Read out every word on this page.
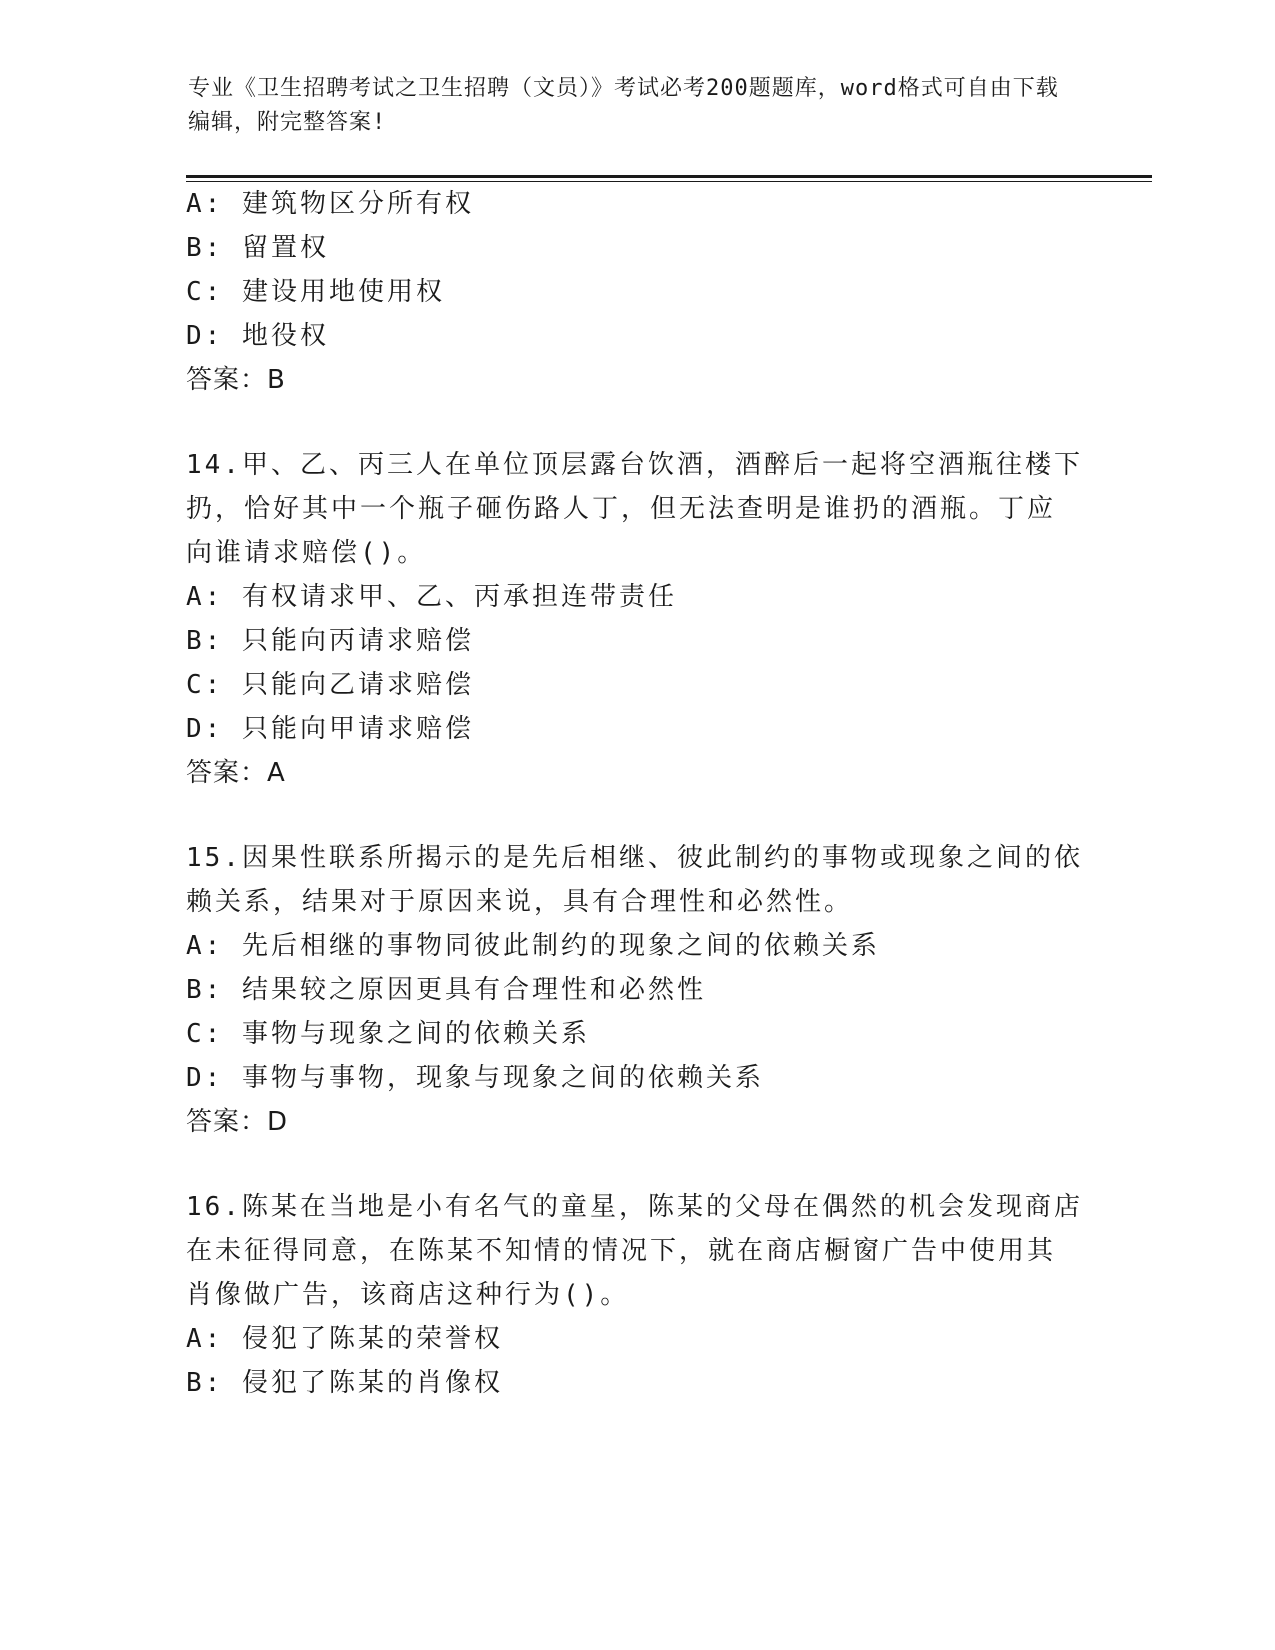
专业《卫生招聘考试之卫生招聘（文员）》考试必考200题题库，word格式可自由下载编辑，附完整答案!
A: 建筑物区分所有权
B: 留置权
C: 建设用地使用权
D: 地役权
答案：B
14.甲、乙、丙三人在单位顶层露台饮酒，酒醉后一起将空酒瓶往楼下
扔，恰好其中一个瓶子砸伤路人丁，但无法查明是谁扔的酒瓶。丁应
向谁请求赔偿()。
A: 有权请求甲、乙、丙承担连带责任
B: 只能向丙请求赔偿
C: 只能向乙请求赔偿
D: 只能向甲请求赔偿
答案：A
15.因果性联系所揭示的是先后相继、彼此制约的事物或现象之间的依
赖关系，结果对于原因来说，具有合理性和必然性。
A: 先后相继的事物同彼此制约的现象之间的依赖关系
B: 结果较之原因更具有合理性和必然性
C: 事物与现象之间的依赖关系
D: 事物与事物，现象与现象之间的依赖关系
答案：D
16.陈某在当地是小有名气的童星，陈某的父母在偶然的机会发现商店
在未征得同意，在陈某不知情的情况下，就在商店橱窗广告中使用其
肖像做广告，该商店这种行为()。
A: 侵犯了陈某的荣誉权
B: 侵犯了陈某的肖像权
